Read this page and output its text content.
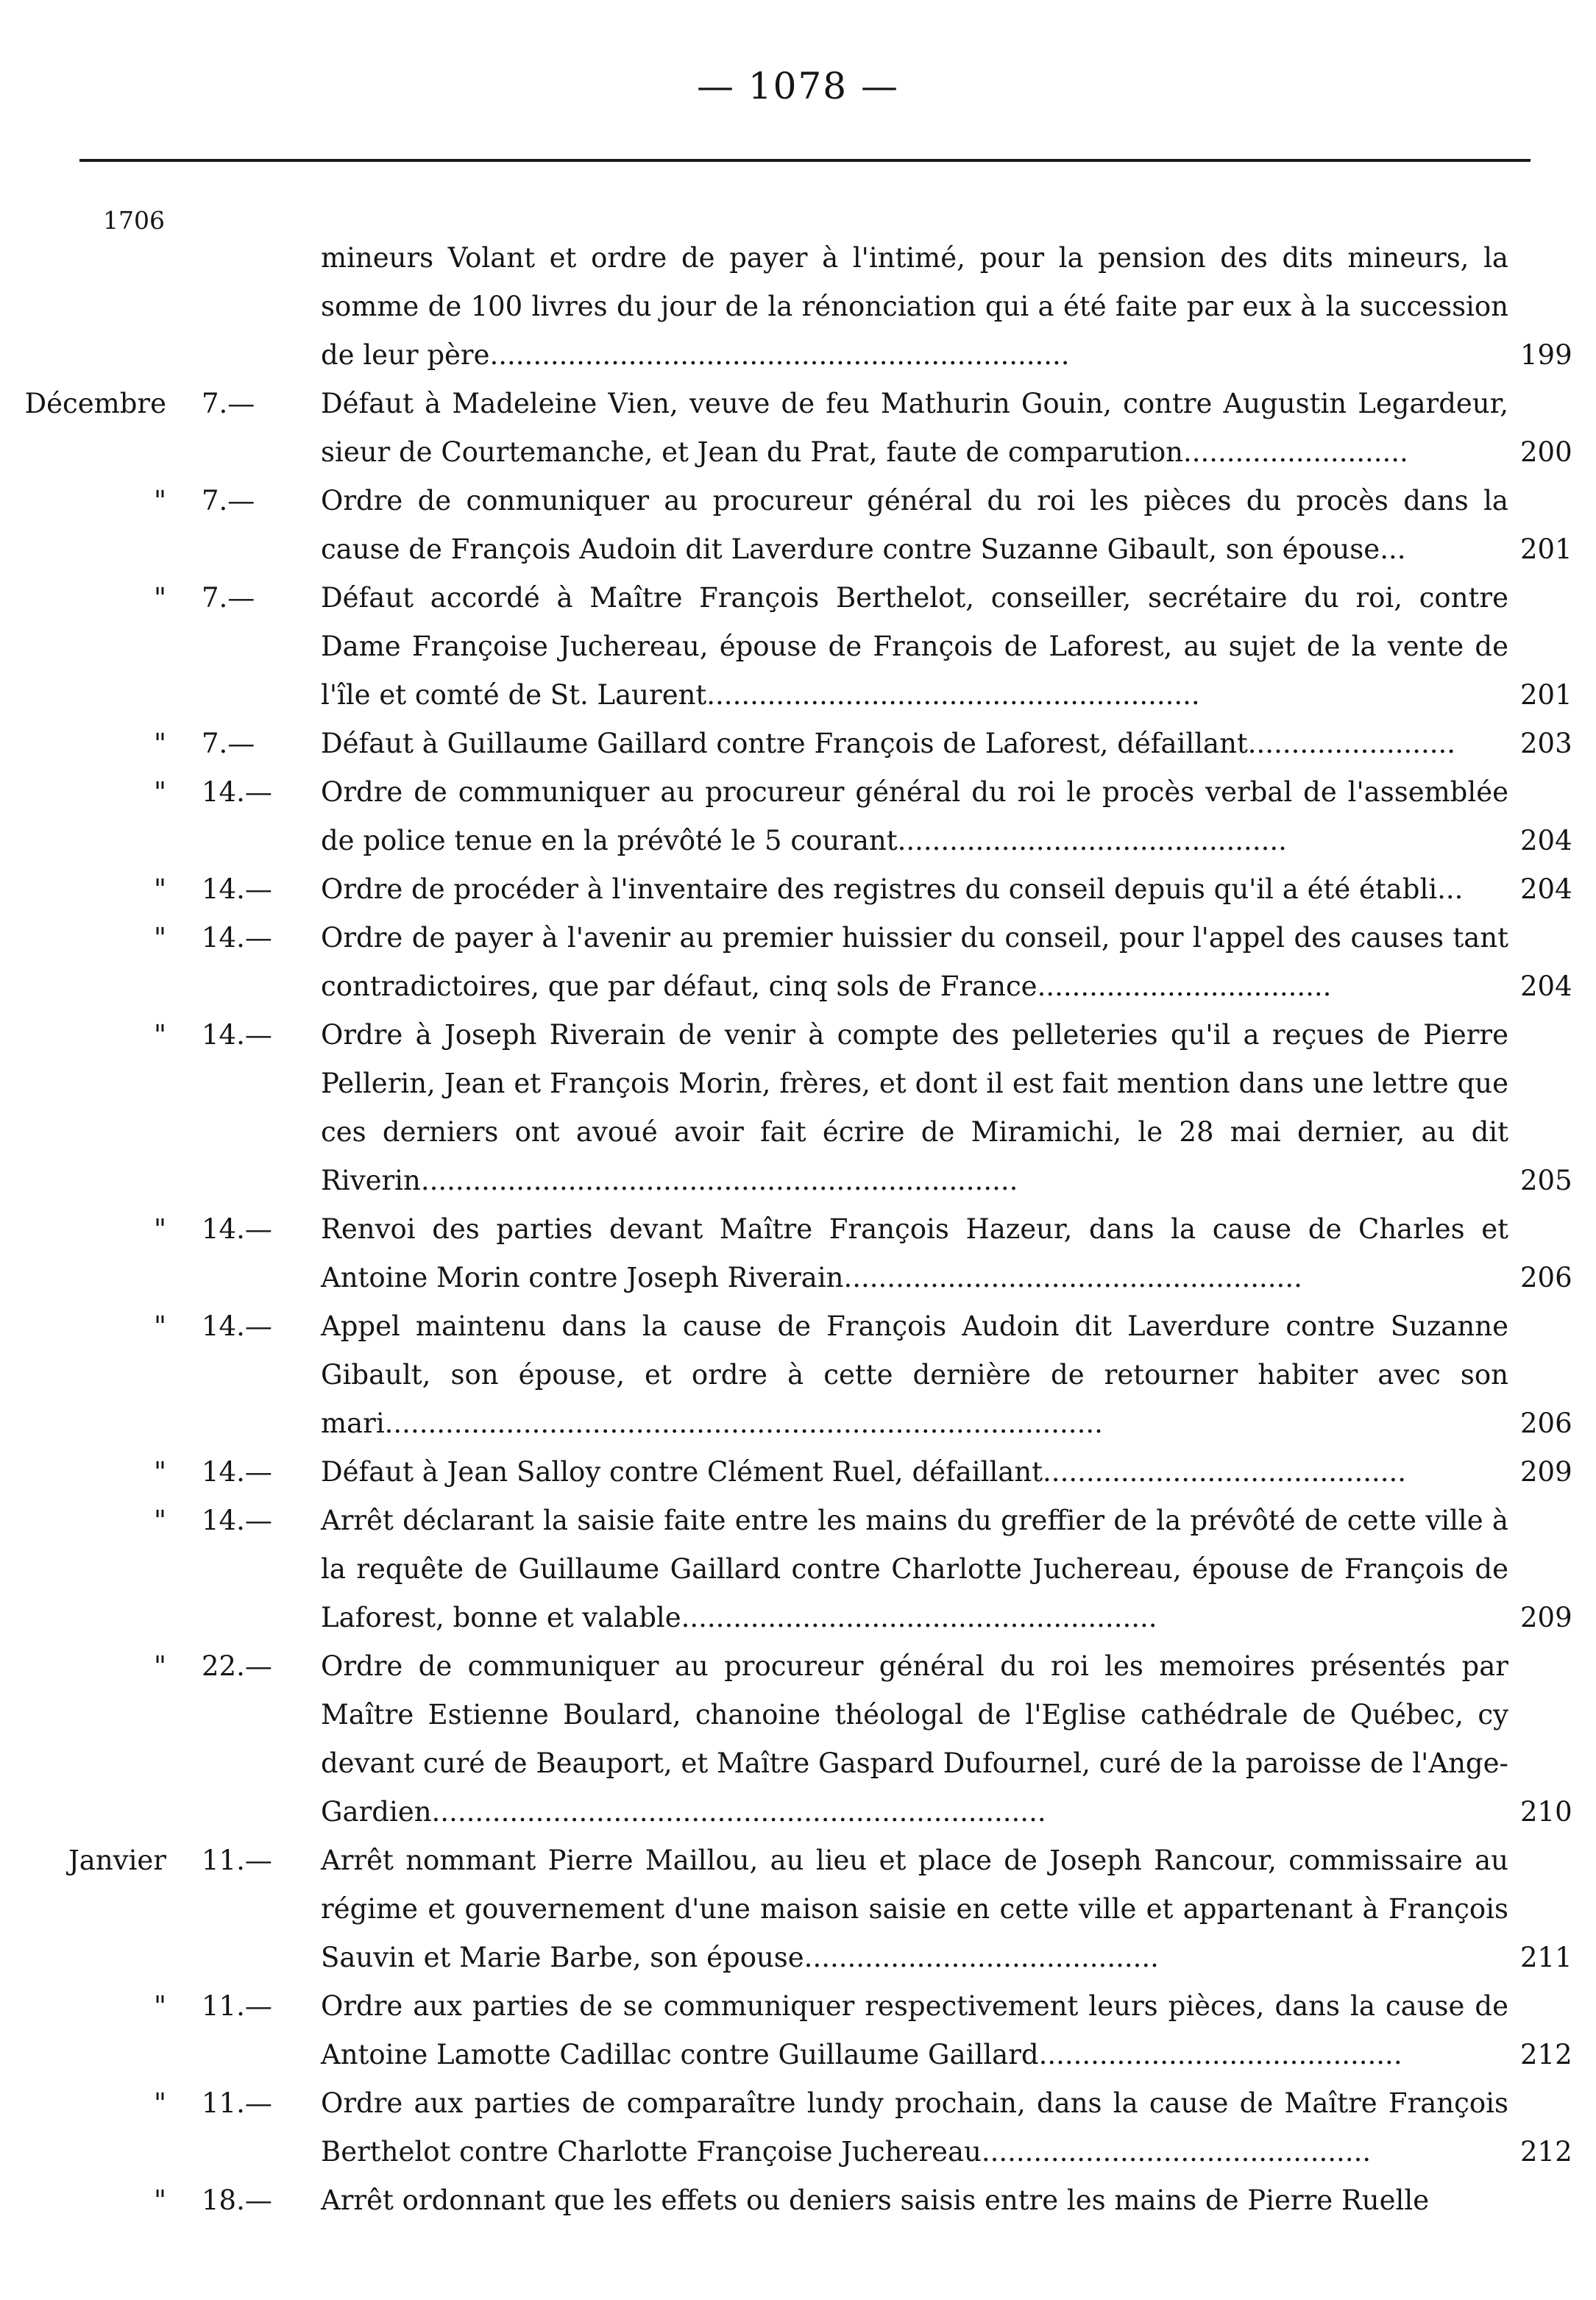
— 1078 —
1706
mineurs Volant et ordre de payer à l'intimé, pour la pension des dits mineurs, la somme de 100 livres du jour de la rénonciation qui a été faite par eux à la succession de leur père...................................................................	199
Décembre	7.— Défaut à Madeleine Vien, veuve de feu Mathurin Gouin, contre Augustin Legardeur, sieur de Courtemanche, et Jean du Prat, faute de comparution..........................	200
"	7.— Ordre de conmuniquer au procureur général du roi les pièces du procès dans la cause de François Audoin dit Laverdure contre Suzanne Gibault, son épouse...	201
"	7.— Défaut accordé à Maître François Berthelot, conseiller, secrétaire du roi, contre Dame Françoise Juchereau, épouse de François de Laforest, au sujet de la vente de l'île et comté de St. Laurent.........................................................	201
"	7.— Défaut à Guillaume Gaillard contre François de Laforest, défaillant........................	203
"	14.— Ordre de communiquer au procureur général du roi le procès verbal de l'assemblée de police tenue en la prévôté le 5 courant.............................................	204
"	14.— Ordre de procéder à l'inventaire des registres du conseil depuis qu'il a été établi...	204
"	14.— Ordre de payer à l'avenir au premier huissier du conseil, pour l'appel des causes tant contradictoires, que par défaut, cinq sols de France..................................	204
"	14.— Ordre à Joseph Riverain de venir à compte des pelleteries qu'il a reçues de Pierre Pellerin, Jean et François Morin, frères, et dont il est fait mention dans une lettre que ces derniers ont avoué avoir fait écrire de Miramichi, le 28 mai dernier, au dit Riverin.....................................................................	205
"	14.— Renvoi des parties devant Maître François Hazeur, dans la cause de Charles et Antoine Morin contre Joseph Riverain.....................................................	206
"	14.— Appel maintenu dans la cause de François Audoin dit Laverdure contre Suzanne Gibault, son épouse, et ordre à cette dernière de retourner habiter avec son mari...................................................................................	206
"	14.— Défaut à Jean Salloy contre Clément Ruel, défaillant..........................................	209
"	14.— Arrêt déclarant la saisie faite entre les mains du greffier de la prévôté de cette ville à la requête de Guillaume Gaillard contre Charlotte Juchereau, épouse de François de Laforest, bonne et valable.......................................................	209
"	22.— Ordre de communiquer au procureur général du roi les memoires présentés par Maître Estienne Boulard, chanoine théologal de l'Eglise cathédrale de Québec, cy devant curé de Beauport, et Maître Gaspard Dufournel, curé de la paroisse de l'Ange-Gardien.......................................................................	210
Janvier	11.— Arrêt nommant Pierre Maillou, au lieu et place de Joseph Rancour, commissaire au régime et gouvernement d'une maison saisie en cette ville et appartenant à François Sauvin et Marie Barbe, son épouse.........................................	211
"	11.— Ordre aux parties de se communiquer respectivement leurs pièces, dans la cause de Antoine Lamotte Cadillac contre Guillaume Gaillard..........................................	212
"	11.— Ordre aux parties de comparaître lundy prochain, dans la cause de Maître François Berthelot contre Charlotte Françoise Juchereau.............................................	212
"	18.— Arrêt ordonnant que les effets ou deniers saisis entre les mains de Pierre Ruelle
